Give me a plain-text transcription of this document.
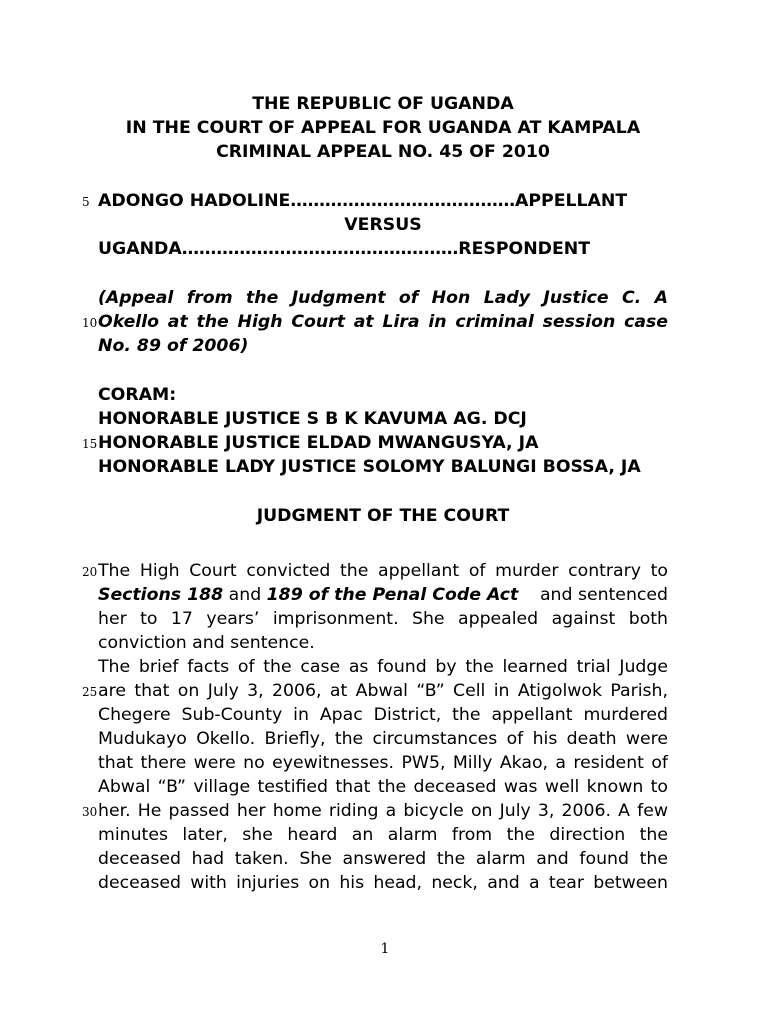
THE REPUBLIC OF UGANDA
IN THE COURT OF APPEAL FOR UGANDA AT KAMPALA
CRIMINAL APPEAL NO. 45 OF 2010
5 ADONGO HADOLINE…………………………………APPELLANT
VERSUS
UGANDA…………………………………………RESPONDENT
(Appeal from the Judgment of Hon Lady Justice C. A
10 Okello at the High Court at Lira in criminal session case
No. 89 of 2006)
CORAM:
HONORABLE JUSTICE S B K KAVUMA AG. DCJ
15 HONORABLE JUSTICE ELDAD MWANGUSYA, JA
HONORABLE LADY JUSTICE SOLOMY BALUNGI BOSSA, JA
JUDGMENT OF THE COURT
20 The High Court convicted the appellant of murder contrary to
Sections 188 and 189 of the Penal Code Act and sentenced
her to 17 years’ imprisonment. She appealed against both
conviction and sentence.
The brief facts of the case as found by the learned trial Judge
25 are that on July 3, 2006, at Abwal “B” Cell in Atigolwok Parish,
Chegere Sub-County in Apac District, the appellant murdered
Mudukayo Okello. Briefly, the circumstances of his death were
that there were no eyewitnesses. PW5, Milly Akao, a resident of
Abwal “B” village testified that the deceased was well known to
30 her. He passed her home riding a bicycle on July 3, 2006. A few
minutes later, she heard an alarm from the direction the
deceased had taken. She answered the alarm and found the
deceased with injuries on his head, neck, and a tear between
1
